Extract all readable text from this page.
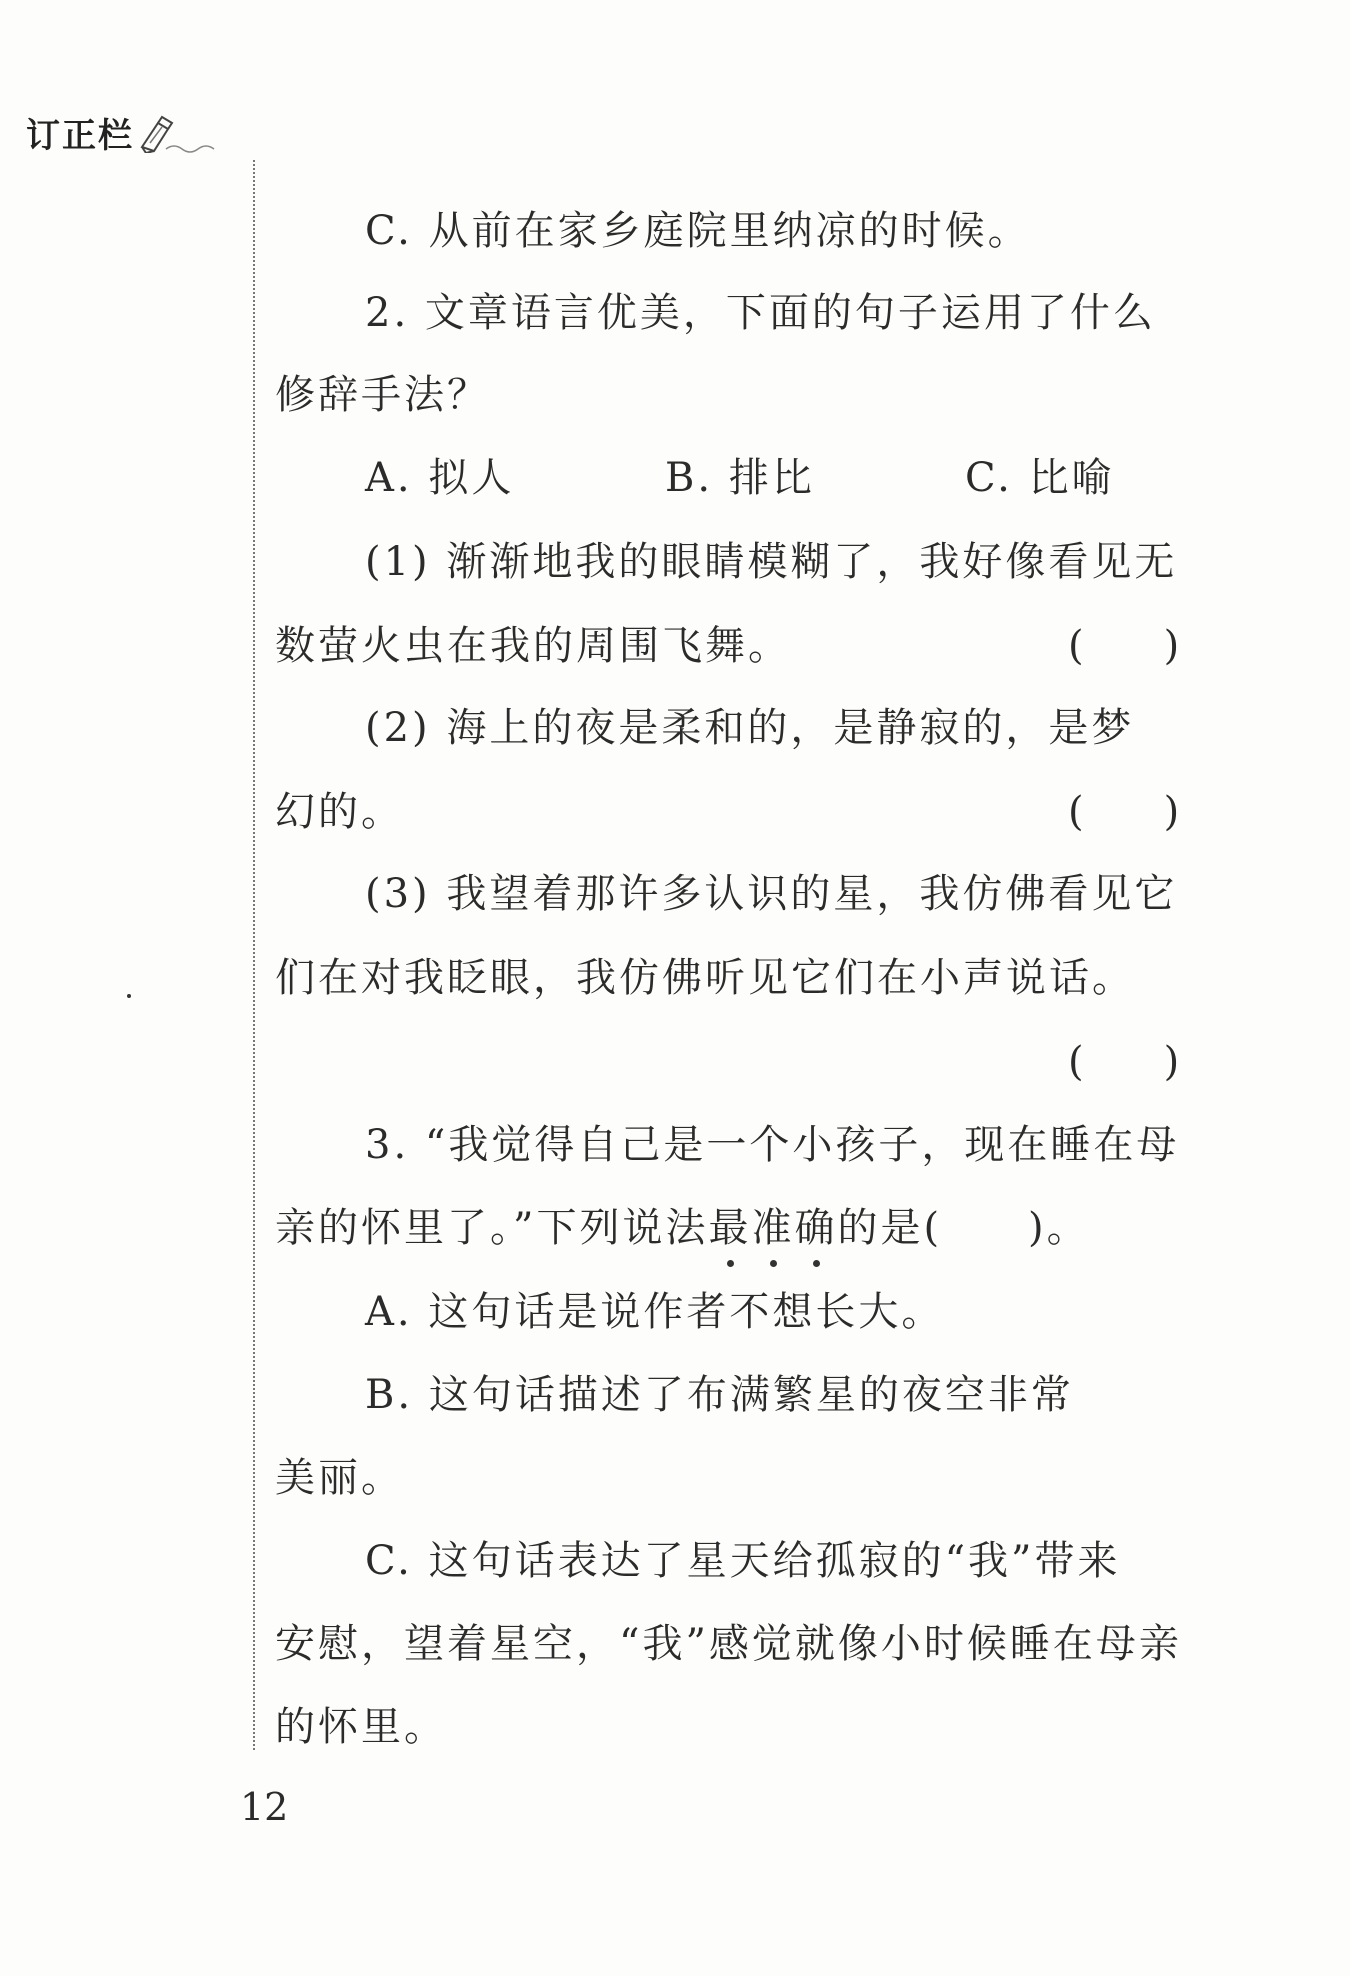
订正栏
C. 从前在家乡庭院里纳凉的时候。
2. 文章语言优美，下面的句子运用了什么
修辞手法？
A. 拟人	B. 排比	C. 比喻
(1) 渐渐地我的眼睛模糊了，我好像看见无
数萤火虫在我的周围飞舞。	(　　)
(2) 海上的夜是柔和的，是静寂的，是梦
幻的。	(　　)
(3) 我望着那许多认识的星，我仿佛看见它
们在对我眨眼，我仿佛听见它们在小声说话。
(　　)
3. “我觉得自己是一个小孩子，现在睡在母
亲的怀里了。”下列说法最准确的是(　　)。
A. 这句话是说作者不想长大。
B. 这句话描述了布满繁星的夜空非常
美丽。
C. 这句话表达了星天给孤寂的“我”带来
安慰，望着星空，“我”感觉就像小时候睡在母亲
的怀里。
12
